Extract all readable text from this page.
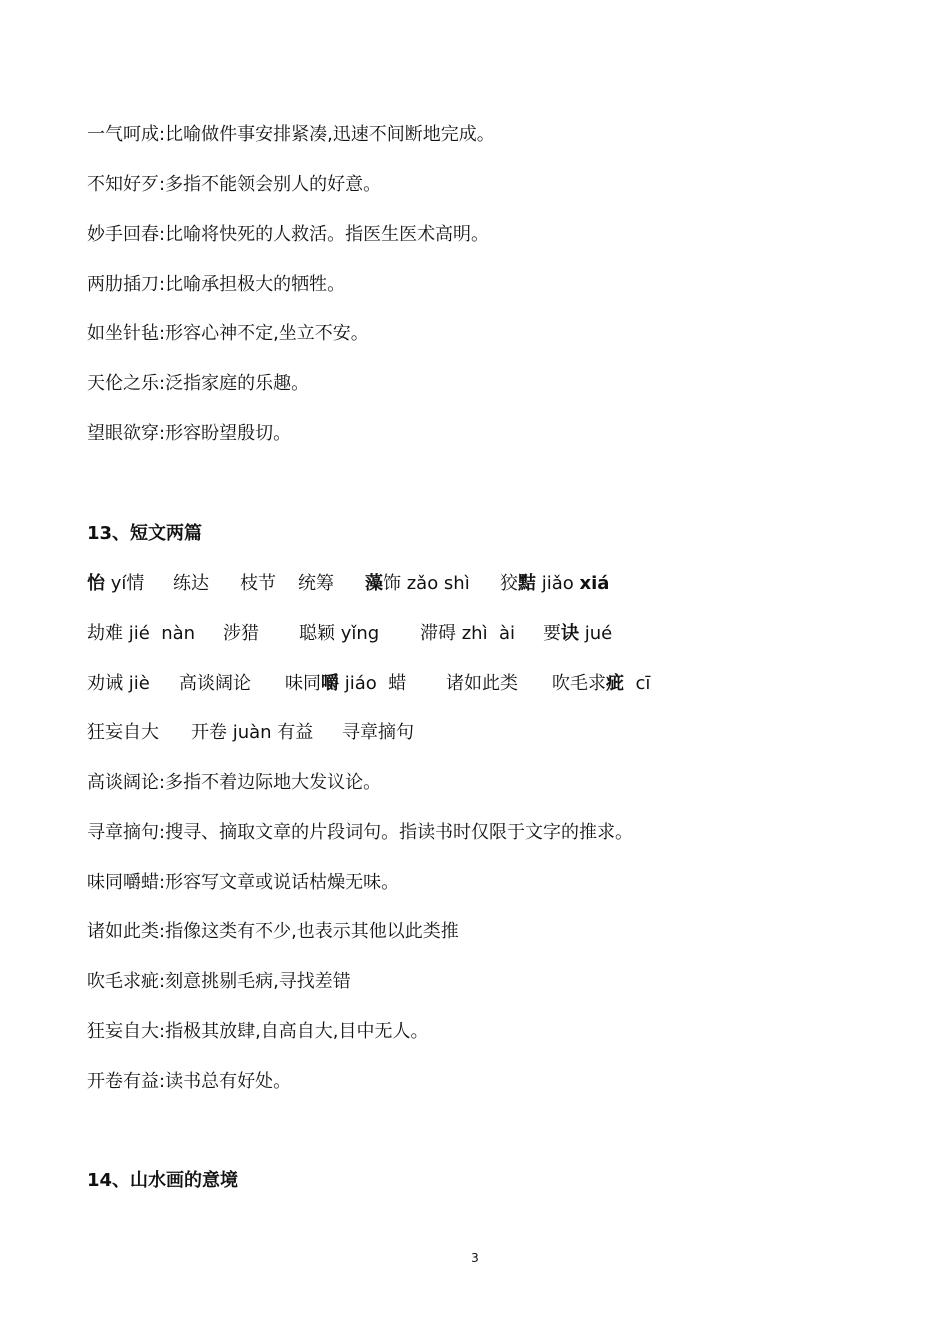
一气呵成:比喻做件事安排紧凑,迅速不间断地完成。
不知好歹:多指不能领会别人的好意。
妙手回春:比喻将快死的人救活。指医生医术高明。
两肋插刀:比喻承担极大的牺牲。
如坐针毡:形容心神不定,坐立不安。
天伦之乐:泛指家庭的乐趣。
望眼欲穿:形容盼望殷切。
13、短文两篇
怡 yí情 练达 枝节 统筹 藻饰 zǎo shì 狡黠 jiǎo xiá
劫难 jié  nàn 涉猎 聪颖 yǐng 滞碍 zhì  ài 要诀 jué
劝诫 jiè 高谈阔论 味同嚼 jiáo  蜡 诸如此类 吹毛求疵  cī
狂妄自大 开卷 juàn 有益 寻章摘句
高谈阔论:多指不着边际地大发议论。
寻章摘句:搜寻、摘取文章的片段词句。指读书时仅限于文字的推求。
味同嚼蜡:形容写文章或说话枯燥无味。
诸如此类:指像这类有不少,也表示其他以此类推
吹毛求疵:刻意挑剔毛病,寻找差错
狂妄自大:指极其放肆,自高自大,目中无人。
开卷有益:读书总有好处。
14、山水画的意境
3
